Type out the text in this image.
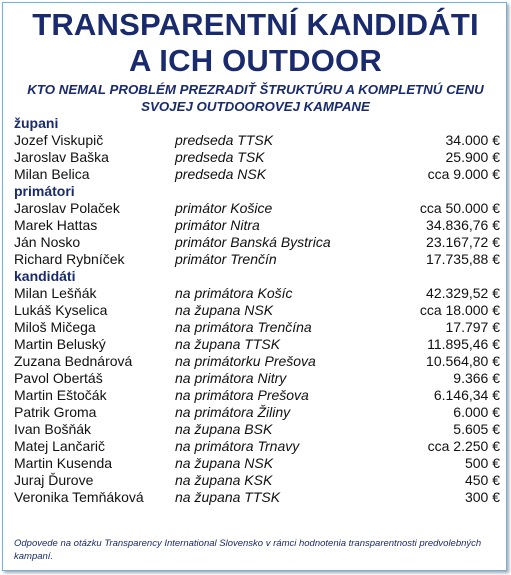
TRANSPARENTNÍ KANDIDÁTI
A ICH OUTDOOR
KTO NEMAL PROBLÉM PREZRADIŤ ŠTRUKTÚRU A KOMPLETNÚ CENU
SVOJEJ OUTDOOROVEJ KAMPANE
župani
Jozef Viskupič	predseda TTSK	34.000 €
Jaroslav Baška	predseda TSK	25.900 €
Milan Belica	predseda NSK	cca 9.000 €
primátori
Jaroslav Polaček	primátor Košice	cca 50.000 €
Marek Hattas	primátor Nitra	34.836,76 €
Ján Nosko	primátor Banská Bystrica	23.167,72 €
Richard Rybníček	primátor Trenčín	17.735,88 €
kandidáti
Milan Lešňák	na primátora Košíc	42.329,52 €
Lukáš Kyselica	na župana NSK	cca 18.000 €
Miloš Mičega	na primátora Trenčína	17.797 €
Martin Beluský	na župana TTSK	11.895,46 €
Zuzana Bednárová	na primátorku Prešova	10.564,80 €
Pavol Obertáš	na primátora Nitry	9.366 €
Martin Eštočák	na primátora Prešova	6.146,34 €
Patrik Groma	na primátora Žiliny	6.000 €
Ivan Bošňák	na župana BSK	5.605 €
Matej Lančarič	na primátora Trnavy	cca 2.250 €
Martin Kusenda	na župana NSK	500 €
Juraj Ďurove	na župana KSK	450 €
Veronika Temňáková na župana TTSK	300 €
Odpovede na otázku Transparency International Slovensko v rámci hodnotenia transparentnosti predvolebných kampaní.
